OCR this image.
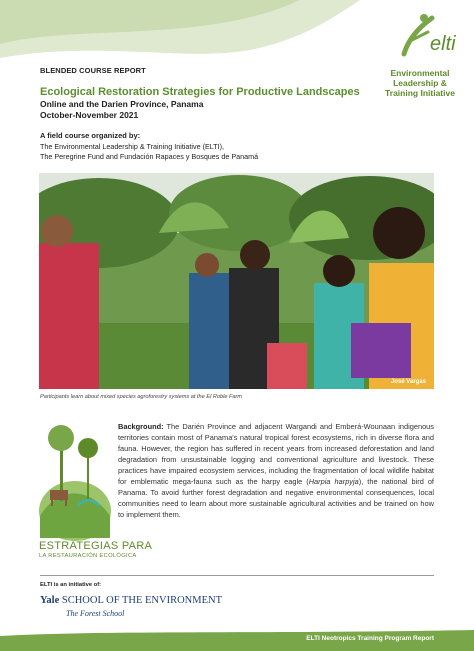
elti
Environmental
Leadership &
Training Initiative
BLENDED COURSE REPORT
Ecological Restoration Strategies for Productive Landscapes
Online and the Darien Province, Panama
October-November 2021
A field course organized by:
The Environmental Leadership & Training Initiative (ELTI),
The Peregrine Fund and Fundación Rapaces y Bosques de Panamá
José Vargas
Participants learn about mixed species agroforestry systems at the El Roble Farm
ESTRATEGIAS PARA
LA RESTAURACIÓN ECOLÓGICA
Background: The Darién Province and adjacent Wargandi and Emberá-Wounaan indigenous territories contain most of Panama's natural tropical forest ecosystems, rich in diverse flora and fauna. However, the region has suffered in recent years from increased deforestation and land degradation from unsustainable logging and conventional agriculture and livestock. These practices have impaired ecosystem services, including the fragmentation of local wildlife habitat for emblematic mega-fauna such as the harpy eagle (Harpia harpyja), the national bird of Panama. To avoid further forest degradation and negative environmental consequences, local communities need to learn about more sustainable agricultural activities and be trained on how to implement them.
ELTI is an initiative of:
Yale SCHOOL OF THE ENVIRONMENT
The Forest School
ELTI Neotropics Training Program Report
